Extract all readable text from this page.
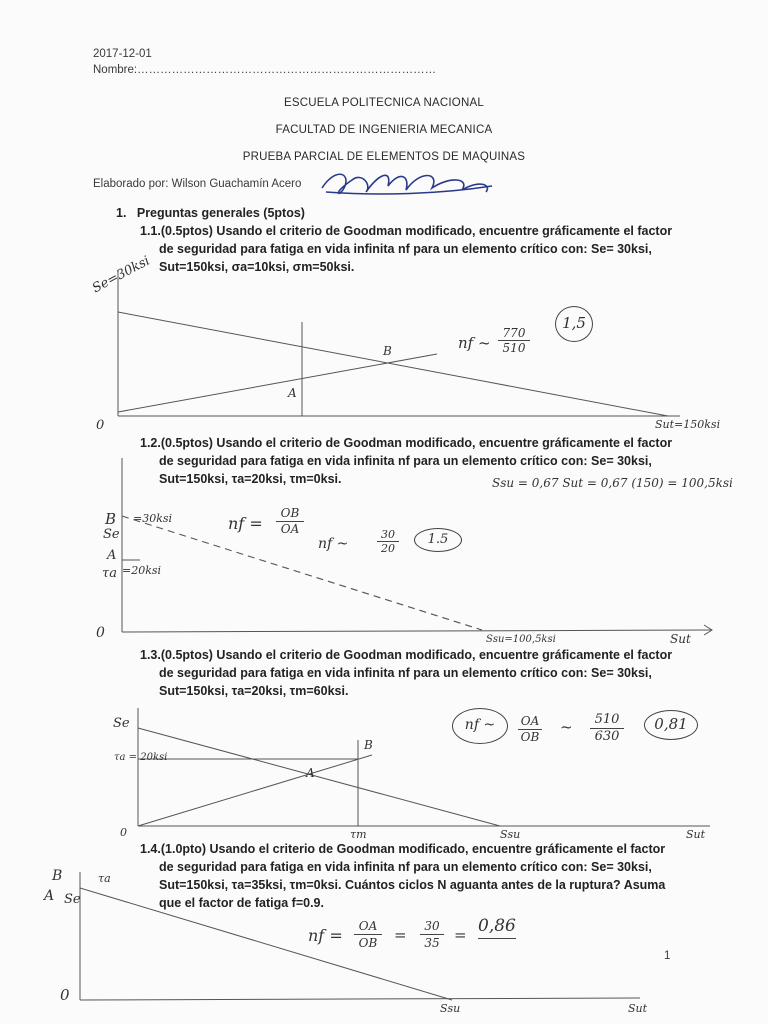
2017-12-01
Nombre:……………………………………………………………………
ESCUELA POLITECNICA NACIONAL
FACULTAD DE INGENIERIA MECANICA
PRUEBA PARCIAL DE ELEMENTOS DE MAQUINAS
Elaborado por: Wilson Guachamín Acero
1. Preguntas generales (5ptos)
1.1.(0.5ptos) Usando el criterio de Goodman modificado, encuentre gráficamente el factor
de seguridad para fatiga en vida infinita nf para un elemento crítico con: Se= 30ksi,
Sut=150ksi, σa=10ksi, σm=50ksi.
Se=30ksi
0
A
B
Sut=150ksi
nf ~
770
510
1,5
1.2.(0.5ptos) Usando el criterio de Goodman modificado, encuentre gráficamente el factor
de seguridad para fatiga en vida infinita nf para un elemento crítico con: Se= 30ksi,
Sut=150ksi, τa=20ksi, τm=0ksi.	Ssu = 0,67 Sut = 0,67 (150) = 100,5ksi
B
Se
=30ksi
A
τa =20ksi
0	Ssu=100,5ksi	Sut
nf =
OB
OA
nf ~
30
20
1.5
1.3.(0.5ptos) Usando el criterio de Goodman modificado, encuentre gráficamente el factor
de seguridad para fatiga en vida infinita nf para un elemento crítico con: Se= 30ksi,
Sut=150ksi, τa=20ksi, τm=60ksi.
Se
τa = 20ksi
A
B
0	τm	Ssu	Sut
nf ~	OA
OB
~	510
630
0,81
1.4.(1.0pto) Usando el criterio de Goodman modificado, encuentre gráficamente el factor
de seguridad para fatiga en vida infinita nf para un elemento crítico con: Se= 30ksi,
Sut=150ksi, τa=35ksi, τm=0ksi. Cuántos ciclos N aguanta antes de la ruptura? Asuma
que el factor de fatiga f=0.9.
B	τa
A Se
0
Ssu	Sut
nf =	OA
OB	=	30
35 = 0,86
1
